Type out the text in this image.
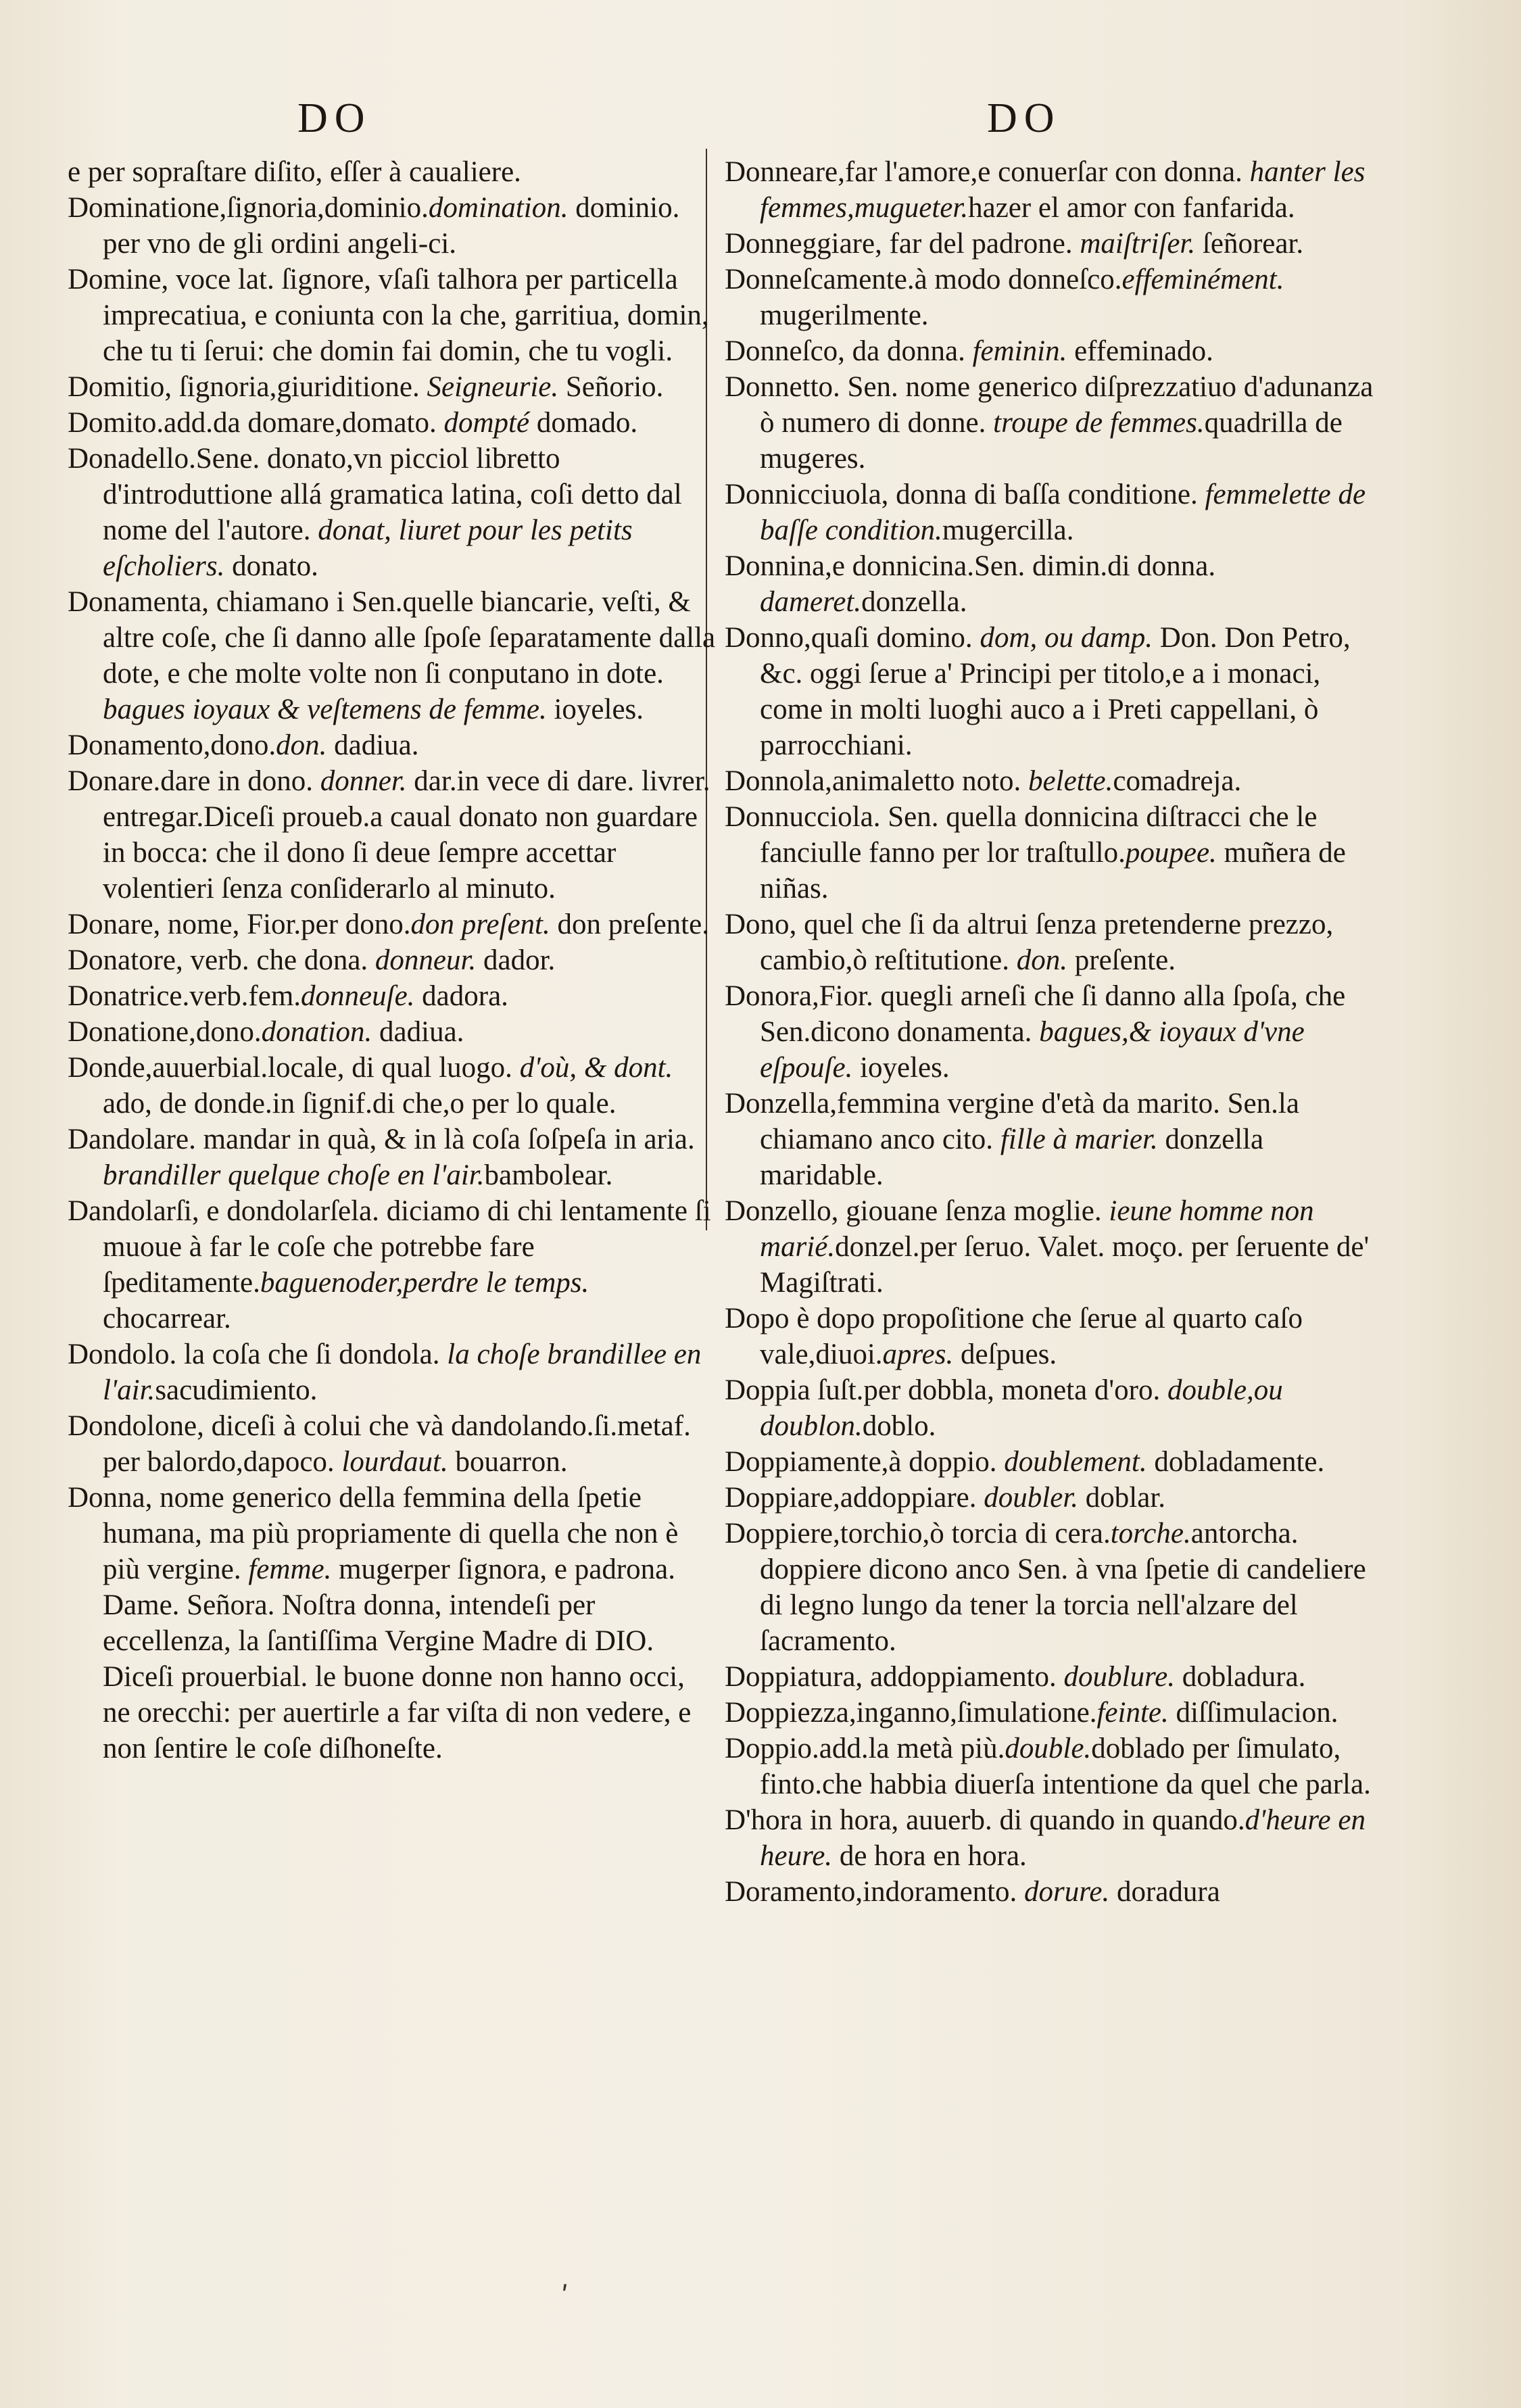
DO	DO

e per sopraſtare diſito, eſſer à caualiere.

Dominatione,ſignoria,dominio.domination. dominio. per vno de gli ordini angeli-ci.

Domine, voce lat. ſignore, vſaſi talhora per particella imprecatiua, e coniunta con la che, garritiua, domin, che tu ti ſerui: che domin fai domin, che tu vogli.

Domitio, ſignoria,giuriditione. Seigneurie. Señorio.

Domito.add.da domare,domato. dompté domado.

Donadello.Sene. donato,vn picciol libretto d'introduttione allá gramatica latina, coſi detto dal nome del l'autore. donat, liuret pour les petits eſcholiers. donato.

Donamenta, chiamano i Sen.quelle biancarie, veſti, & altre coſe, che ſi danno alle ſpoſe ſeparatamente dalla dote, e che molte volte non ſi conputano in dote. bagues ioyaux & veſtemens de femme. ioyeles.

Donamento,dono.don. dadiua.

Donare.dare in dono. donner. dar.in vece di dare. livrer. entregar.Diceſi proueb.a caual donato non guardare in bocca: che il dono ſi deue ſempre accettar volentieri ſenza conſiderarlo al minuto.

Donare, nome, Fior.per dono.don preſent. don preſente.

Donatore, verb. che dona. donneur. dador.

Donatrice.verb.fem.donneuſe. dadora.

Donatione,dono.donation. dadiua.

Donde,auuerbial.locale, di qual luogo. d'où, & dont. ado, de donde.in ſignif.di che,o per lo quale.

Dandolare. mandar in quà, & in là coſa ſoſpeſa in aria. brandiller quelque choſe en l'air.bambolear.

Dandolarſi, e dondolarſela. diciamo di chi lentamente ſi muoue à far le coſe che potrebbe fare ſpeditamente.baguenoder,perdre le temps. chocarrear.

Dondolo. la coſa che ſi dondola. la choſe brandillee en l'air.sacudimiento.

Dondolone, diceſi à colui che và dandolando.ſi.metaf. per balordo,dapoco. lourdaut. bouarron.

Donna, nome generico della femmina della ſpetie humana, ma più propriamente di quella che non è più vergine. femme. mugerper ſignora, e padrona. Dame. Señora. Noſtra donna, intendeſi per eccellenza, la ſantiſſima Vergine Madre di DIO. Diceſi prouerbial. le buone donne non hanno occi, ne orecchi: per auertirle a far viſta di non vedere, e non ſentire le coſe diſhoneſte.

Donneare,far l'amore,e conuerſar con donna. hanter les femmes,mugueter.hazer el amor con fanfarida.

Donneggiare, far del padrone. maiſtriſer. ſeñorear.

Donneſcamente.à modo donneſco.effeminément. mugerilmente.

Donneſco, da donna. feminin. effeminado.

Donnetto. Sen. nome generico diſprezzatiuo d'adunanza ò numero di donne. troupe de femmes.quadrilla de mugeres.

Donnicciuola, donna di baſſa conditione. femmelette de baſſe condition.mugercilla.

Donnina,e donnicina.Sen. dimin.di donna. dameret.donzella.

Donno,quaſi domino. dom, ou damp. Don. Don Petro, &c. oggi ſerue a' Principi per titolo,e a i monaci, come in molti luoghi auco a i Preti cappellani, ò parrocchiani.

Donnola,animaletto noto. belette.comadreja.

Donnucciola. Sen. quella donnicina diſtracci che le fanciulle fanno per lor traſtullo.poupee. muñera de niñas.

Dono, quel che ſi da altrui ſenza pretenderne prezzo, cambio,ò reſtitutione. don. preſente.

Donora,Fior. quegli arneſi che ſi danno alla ſpoſa, che Sen.dicono donamenta. bagues,& ioyaux d'vne eſpouſe. ioyeles.

Donzella,femmina vergine d'età da marito. Sen.la chiamano anco cito. fille à marier. donzella maridable.

Donzello, giouane ſenza moglie. ieune homme non marié.donzel.per ſeruo. Valet. moço. per ſeruente de' Magiſtrati.

Dopo è dopo propoſitione che ſerue al quarto caſo vale,diuoi.apres. deſpues.

Doppia ſuſt.per dobbla, moneta d'oro. double,ou doublon.doblo.

Doppiamente,à doppio. doublement. dobladamente.

Doppiare,addoppiare. doubler. doblar.

Doppiere,torchio,ò torcia di cera.torche.antorcha. doppiere dicono anco Sen. à vna ſpetie di candeliere di legno lungo da tener la torcia nell'alzare del ſacramento.

Doppiatura, addoppiamento. doublure. dobladura.

Doppiezza,inganno,ſimulatione.feinte. diſſimulacion.

Doppio.add.la metà più.double.doblado per ſimulato, finto.che habbia diuerſa intentione da quel che parla.

D'hora in hora, auuerb. di quando in quando.d'heure en heure. de hora en hora.

Doramento,indoramento. dorure. doradura

ʹ
